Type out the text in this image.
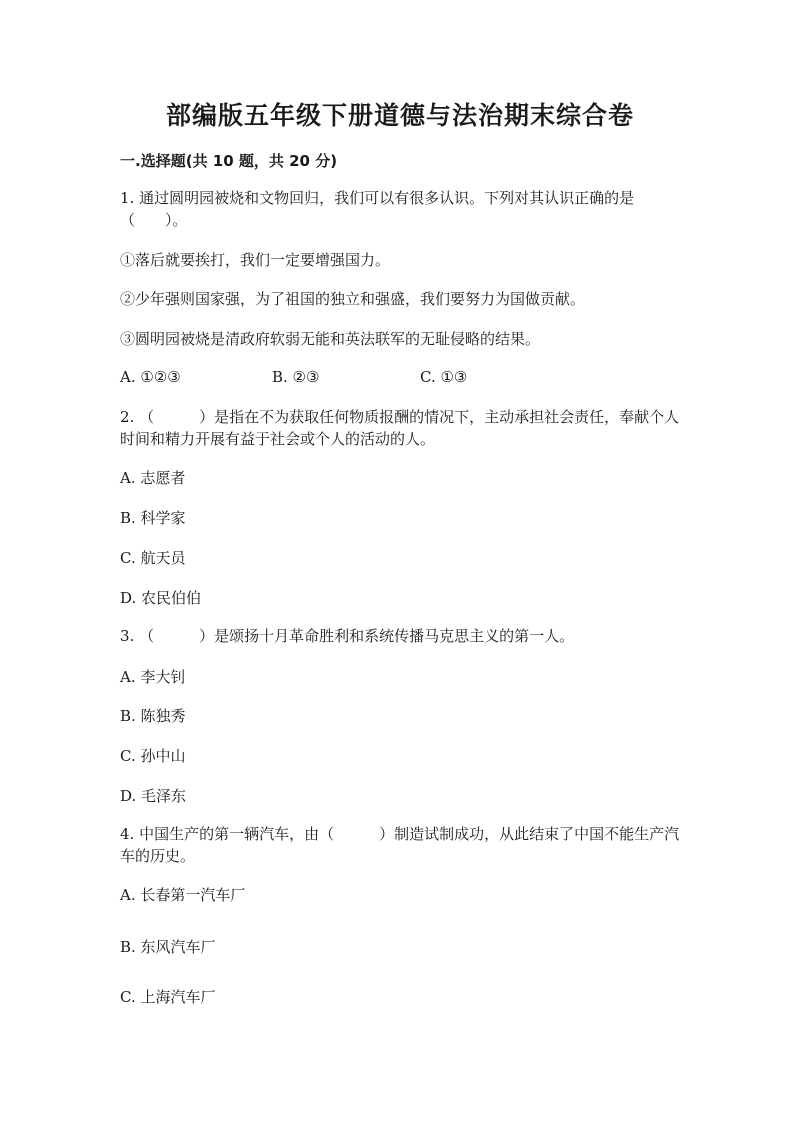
部编版五年级下册道德与法治期末综合卷
一.选择题(共 10 题，共 20 分)
1. 通过圆明园被烧和文物回归，我们可以有很多认识。下列对其认识正确的是（　　）。
①落后就要挨打，我们一定要增强国力。
②少年强则国家强，为了祖国的独立和强盛，我们要努力为国做贡献。
③圆明园被烧是清政府软弱无能和英法联军的无耻侵略的结果。
A. ①②③	B. ②③	C. ①③
2. （　　　）是指在不为获取任何物质报酬的情况下，主动承担社会责任，奉献个人时间和精力开展有益于社会或个人的活动的人。
A. 志愿者
B. 科学家
C. 航天员
D. 农民伯伯
3. （　　　）是颂扬十月革命胜利和系统传播马克思主义的第一人。
A. 李大钊
B. 陈独秀
C. 孙中山
D. 毛泽东
4. 中国生产的第一辆汽车，由（　　　）制造试制成功，从此结束了中国不能生产汽车的历史。
A. 长春第一汽车厂
B. 东风汽车厂
C. 上海汽车厂
